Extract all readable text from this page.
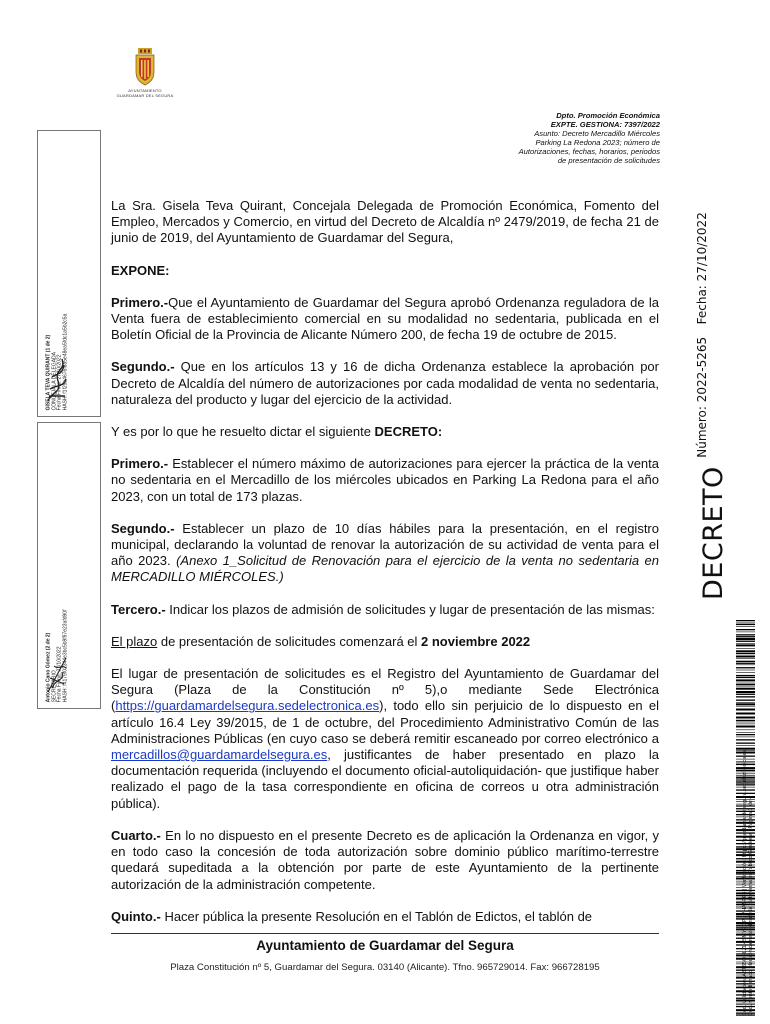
AYUNTAMIENTO
GUARDAMAR DEL SEGURA
Dpto. Promoción Económica
EXPTE. GESTIONA: 7397/2022
Asunto: Decreto Mercadillo Miércoles
Parking La Redona 2023; número de
Autorizaciones, fechas, horarios, periodos
de presentación de solicitudes

La Sra. Gisela Teva Quirant, Concejala Delegada de Promoción Económica, Fomento del Empleo, Mercados y Comercio, en virtud del Decreto de Alcaldía nº 2479/2019, de fecha 21 de junio de 2019, del Ayuntamiento de Guardamar del Segura,

EXPONE:

Primero.-Que el Ayuntamiento de Guardamar del Segura aprobó Ordenanza reguladora de la Venta fuera de establecimiento comercial en su modalidad no sedentaria, publicada en el Boletín Oficial de la Provincia de Alicante Número 200, de fecha 19 de octubre de 2015.

Segundo.- Que en los artículos 13 y 16 de dicha Ordenanza establece la aprobación por Decreto de Alcaldía del número de autorizaciones por cada modalidad de venta no sedentaria, naturaleza del producto y lugar del ejercicio de la actividad.

Y es por lo que he resuelto dictar el siguiente DECRETO:

Primero.- Establecer el número máximo de autorizaciones para ejercer la práctica de la venta no sedentaria en el Mercadillo de los miércoles ubicados en Parking La Redona para el año 2023, con un total de 173 plazas.

Segundo.- Establecer un plazo de 10 días hábiles para la presentación, en el registro municipal, declarando la voluntad de renovar la autorización de su actividad de venta para el año 2023. (Anexo 1_Solicitud de Renovación para el ejercicio de la venta no sedentaria en MERCADILLO MIÉRCOLES.)

Tercero.- Indicar los plazos de admisión de solicitudes y lugar de presentación de las mismas:

El plazo de presentación de solicitudes comenzará el 2 noviembre 2022

El lugar de presentación de solicitudes es el Registro del Ayuntamiento de Guardamar del Segura (Plaza de la Constitución nº 5),o mediante Sede Electrónica (https://guardamardelsegura.sedelectronica.es), todo ello sin perjuicio de lo dispuesto en el artículo 16.4 Ley 39/2015, de 1 de octubre, del Procedimiento Administrativo Común de las Administraciones Públicas (en cuyo caso se deberá remitir escaneado por correo electrónico a mercadillos@guardamardelsegura.es, justificantes de haber presentado en plazo la documentación requerida (incluyendo el documento oficial-autoliquidación- que justifique haber realizado el pago de la tasa correspondiente en oficina de correos u otra administración pública).

Cuarto.- En lo no dispuesto en el presente Decreto es de aplicación la Ordenanza en vigor, y en todo caso la concesión de toda autorización sobre dominio público marítimo-terrestre quedará supeditada a la obtención por parte de este Ayuntamiento de la pertinente autorización de la administración competente.

Quinto.- Hacer pública la presente Resolución en el Tablón de Edictos, el tablón de

Ayuntamiento de Guardamar del Segura
Plaza Constitución nº 5, Guardamar del Segura. 03140 (Alicante). Tfno. 965729014. Fax: 966728195
GISELA TEVA QUIRANT (1 de 2) CONCEJALA DELEGADA Fecha Firma: 27/10/2022 HASH: f1f25b4676f8a5e48ea5fdc1a5b2c5a
Antonio Cano Gómez (2 de 2) SECRETARIO Fecha Firma: 27/10/2022 HASH: f4179f02344e3bc5b9f97e23afd90f
DECRETO $^{Número: 2022-5265}$ $^{Fecha: 27/10/2022}$
Cód. Validación: A8T65QHLZL4SMYEGPLPHA5RF4 | Verificación: https://guardamardelsegura.sedelectronica.es/ Documento firmado electrónicamente desde la plataforma esPublico Gestiona | Página 1 de 4
